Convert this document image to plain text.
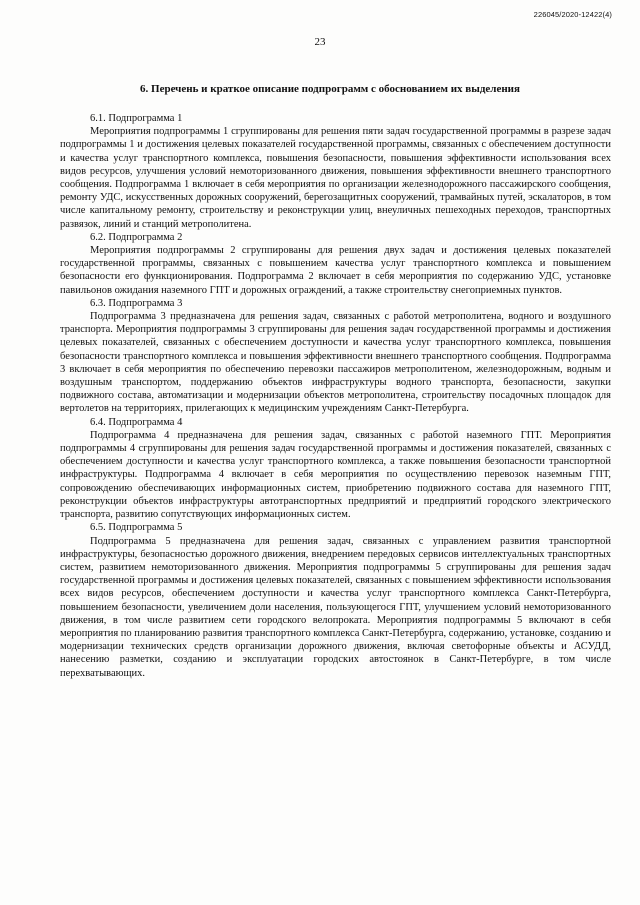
226045/2020-12422(4)
23
6. Перечень и краткое описание подпрограмм с обоснованием их выделения

6.1. Подпрограмма 1

Мероприятия подпрограммы 1 сгруппированы для решения пяти задач государственной программы в разрезе задач подпрограммы 1 и достижения целевых показателей государственной программы, связанных с обеспечением доступности и качества услуг транспортного комплекса, повышения безопасности, повышения эффективности использования всех видов ресурсов, улучшения условий немоторизованного движения, повышения эффективности внешнего транспортного сообщения. Подпрограмма 1 включает в себя мероприятия по организации железнодорожного пассажирского сообщения, ремонту УДС, искусственных дорожных сооружений, берегозащитных сооружений, трамвайных путей, эскалаторов, в том числе капитальному ремонту, строительству и реконструкции улиц, внеуличных пешеходных переходов, транспортных развязок, линий и станций метрополитена.

6.2. Подпрограмма 2

Мероприятия подпрограммы 2 сгруппированы для решения двух задач и достижения целевых показателей государственной программы, связанных с повышением качества услуг транспортного комплекса и повышением безопасности его функционирования. Подпрограмма 2 включает в себя мероприятия по содержанию УДС, установке павильонов ожидания наземного ГПТ и дорожных ограждений, а также строительству снегоприемных пунктов.

6.3. Подпрограмма 3

Подпрограмма 3 предназначена для решения задач, связанных с работой метрополитена, водного и воздушного транспорта. Мероприятия подпрограммы 3 сгруппированы для решения задач государственной программы и достижения целевых показателей, связанных с обеспечением доступности и качества услуг транспортного комплекса, повышения безопасности транспортного комплекса и повышения эффективности внешнего транспортного сообщения. Подпрограмма 3 включает в себя мероприятия по обеспечению перевозки пассажиров метрополитеном, железнодорожным, водным и воздушным транспортом, поддержанию объектов инфраструктуры водного транспорта, безопасности, закупки подвижного состава, автоматизации и модернизации объектов метрополитена, строительству посадочных площадок для вертолетов на территориях, прилегающих к медицинским учреждениям Санкт-Петербурга.

6.4. Подпрограмма 4

Подпрограмма 4 предназначена для решения задач, связанных с работой наземного ГПТ. Мероприятия подпрограммы 4 сгруппированы для решения задач государственной программы и достижения показателей, связанных с обеспечением доступности и качества услуг транспортного комплекса, а также повышения безопасности транспортной инфраструктуры. Подпрограмма 4 включает в себя мероприятия по осуществлению перевозок наземным ГПТ, сопровождению обеспечивающих информационных систем, приобретению подвижного состава для наземного ГПТ, реконструкции объектов инфраструктуры автотранспортных предприятий и предприятий городского электрического транспорта, развитию сопутствующих информационных систем.

6.5. Подпрограмма 5

Подпрограмма 5 предназначена для решения задач, связанных с управлением развития транспортной инфраструктуры, безопасностью дорожного движения, внедрением передовых сервисов интеллектуальных транспортных систем, развитием немоторизованного движения. Мероприятия подпрограммы 5 сгруппированы для решения задач государственной программы и достижения целевых показателей, связанных с повышением эффективности использования всех видов ресурсов, обеспечением доступности и качества услуг транспортного комплекса Санкт-Петербурга, повышением безопасности, увеличением доли населения, пользующегося ГПТ, улучшением условий немоторизованного движения, в том числе развитием сети городского велопроката. Мероприятия подпрограммы 5 включают в себя мероприятия по планированию развития транспортного комплекса Санкт-Петербурга, содержанию, установке, созданию и модернизации технических средств организации дорожного движения, включая светофорные объекты и АСУДД, нанесению разметки, созданию и эксплуатации городских автостоянок в Санкт-Петербурге, в том числе перехватывающих.
